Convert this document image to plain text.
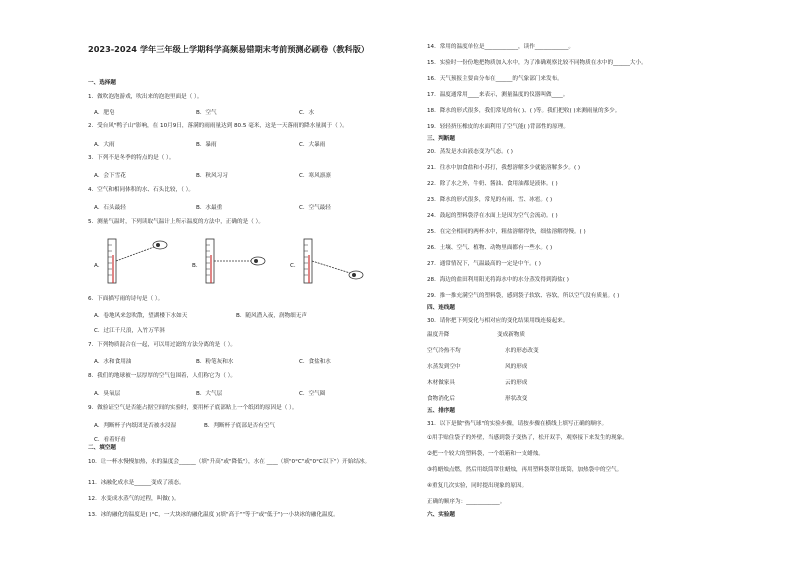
2023-2024 学年三年级上学期科学高频易错期末考前预测必刷卷（教科版）
一、选择题
1．做吹泡泡游戏，吹出来的泡泡里面是（ ）。
A．肥皂	B．空气	C．水
2．受台风"鸭子山"影响，在 10月9日，落满的雨雨量达到 80.5 毫米，这是一天落雨的降水量属于（ ）。
A．大雨	B．暴雨	C．大暴雨
3．下列不是冬季的特点的是（ ）。
A．会下雪花	B．秋风习习	C．寒风凛凛
4．空气和相同体积的水、石头比较，（ ）。
A．石头最轻	B．水最重	C．空气最轻
5．测量气温时，下列读取气温计上所示温度的方法中，正确的是（ ）。
A．	B．	C．
6．下面描写雨的诗句是（ ）。
A．卷地风来忽吹散，望湖楼下水如天	B．随风潜入夜，润物细无声
C．过江千尺浪，入竹万竿斜
7．下列物质混合在一起，可以用过滤的方法分离的是（ ）。
A．水和食用油	B．粉笔灰和水	C．食盐和水
8．我们的地球被一层厚厚的空气包围着，人们称它为（ ）。
A．臭氧层	B．大气层	C．空气圈
9．做验证空气是否能占据空间的实验时，要用杯子底部贴上一个纸团的原因是（ ）。
A．判断杯子内纸团是否被水浸湿	B．判断杯子底部是否有空气
C．看着好看
二、填空题
10．让一杯水慢慢加热，水的温度会______（填"升高"或"降低"），水在 ____（填"0°C"或"0°C以下"）开始结冰。
11．冰融化成水是______变成了液态。
12．水变成水蒸气的过程，叫做( )。
13．冰的融化的温度是( )°C，一大块冰的融化温度 )(填"高于""等于"或"低于")一小块冰的融化温度。
14．常用的温度单位是____________，读作____________。
15．实验时一份份地把物质加入水中，为了准确观察比较不同物质在水中的______大小。
16．天气预报主要由分布在______的气象部门来发布。
17．温度通常用____来表示，测量温度的仪器叫做____。
18．降水的形式很多，我们常见的有( )、( )等。我们把收( )来测雨量的多少。
19．轻轻挤压橡皮的水面利用了空气能( )背部性的原理。
三、判断题
20．蒸发是水由液态变为气态。( )
21．往水中加食盐和小苏打，我想溶解多少就能溶解多少。( )
22．除了水之外，牛奶、酱油、食用油都是液体。( )
23．降水的形式很多，常见的有雨、雪、冰雹。( )
24．鼓起的塑料袋浮在水面上是因为空气会流动。( )
25．在完全相同的两杯水中，粗盐溶解得快，细盐溶解得慢。( )
26．土壤、空气、植物、动物里面都有一些水。( )
27．通常情况下，气温最高的一定是中午。( )
28．海边的盐田利用阳光将海水中的水分蒸发得到海盐( )
29．推一推充满空气的塑料袋，感到袋子软软、容软，所以空气没有质量。( )
四、连线题
30．请你把下列变化与相对应的变化结果用线连接起来。
温度升降
空气冷热不均
水蒸发到空中
木材做家具
食物消化后
变成新物质
水的形态改变
风的形成
云的形成
形状改变
五、排序题
31．以下是做"热气球"的实验步骤，请按步骤在横线上填写正确的顺序。
①用手贴住袋子的外壁，当感到袋子变热了，松开双手，观察接下来发生的现象。
②把一个较大的塑料袋，一个纸箱和一支蜡烛。
③将蜡烛点燃，然后用纸筒罩住蜡烛，再用塑料袋罩住纸筒，加热袋中的空气。
④重复几次实验，同时提出现象的原因。
正确的顺序为：____________。
六、实验题
